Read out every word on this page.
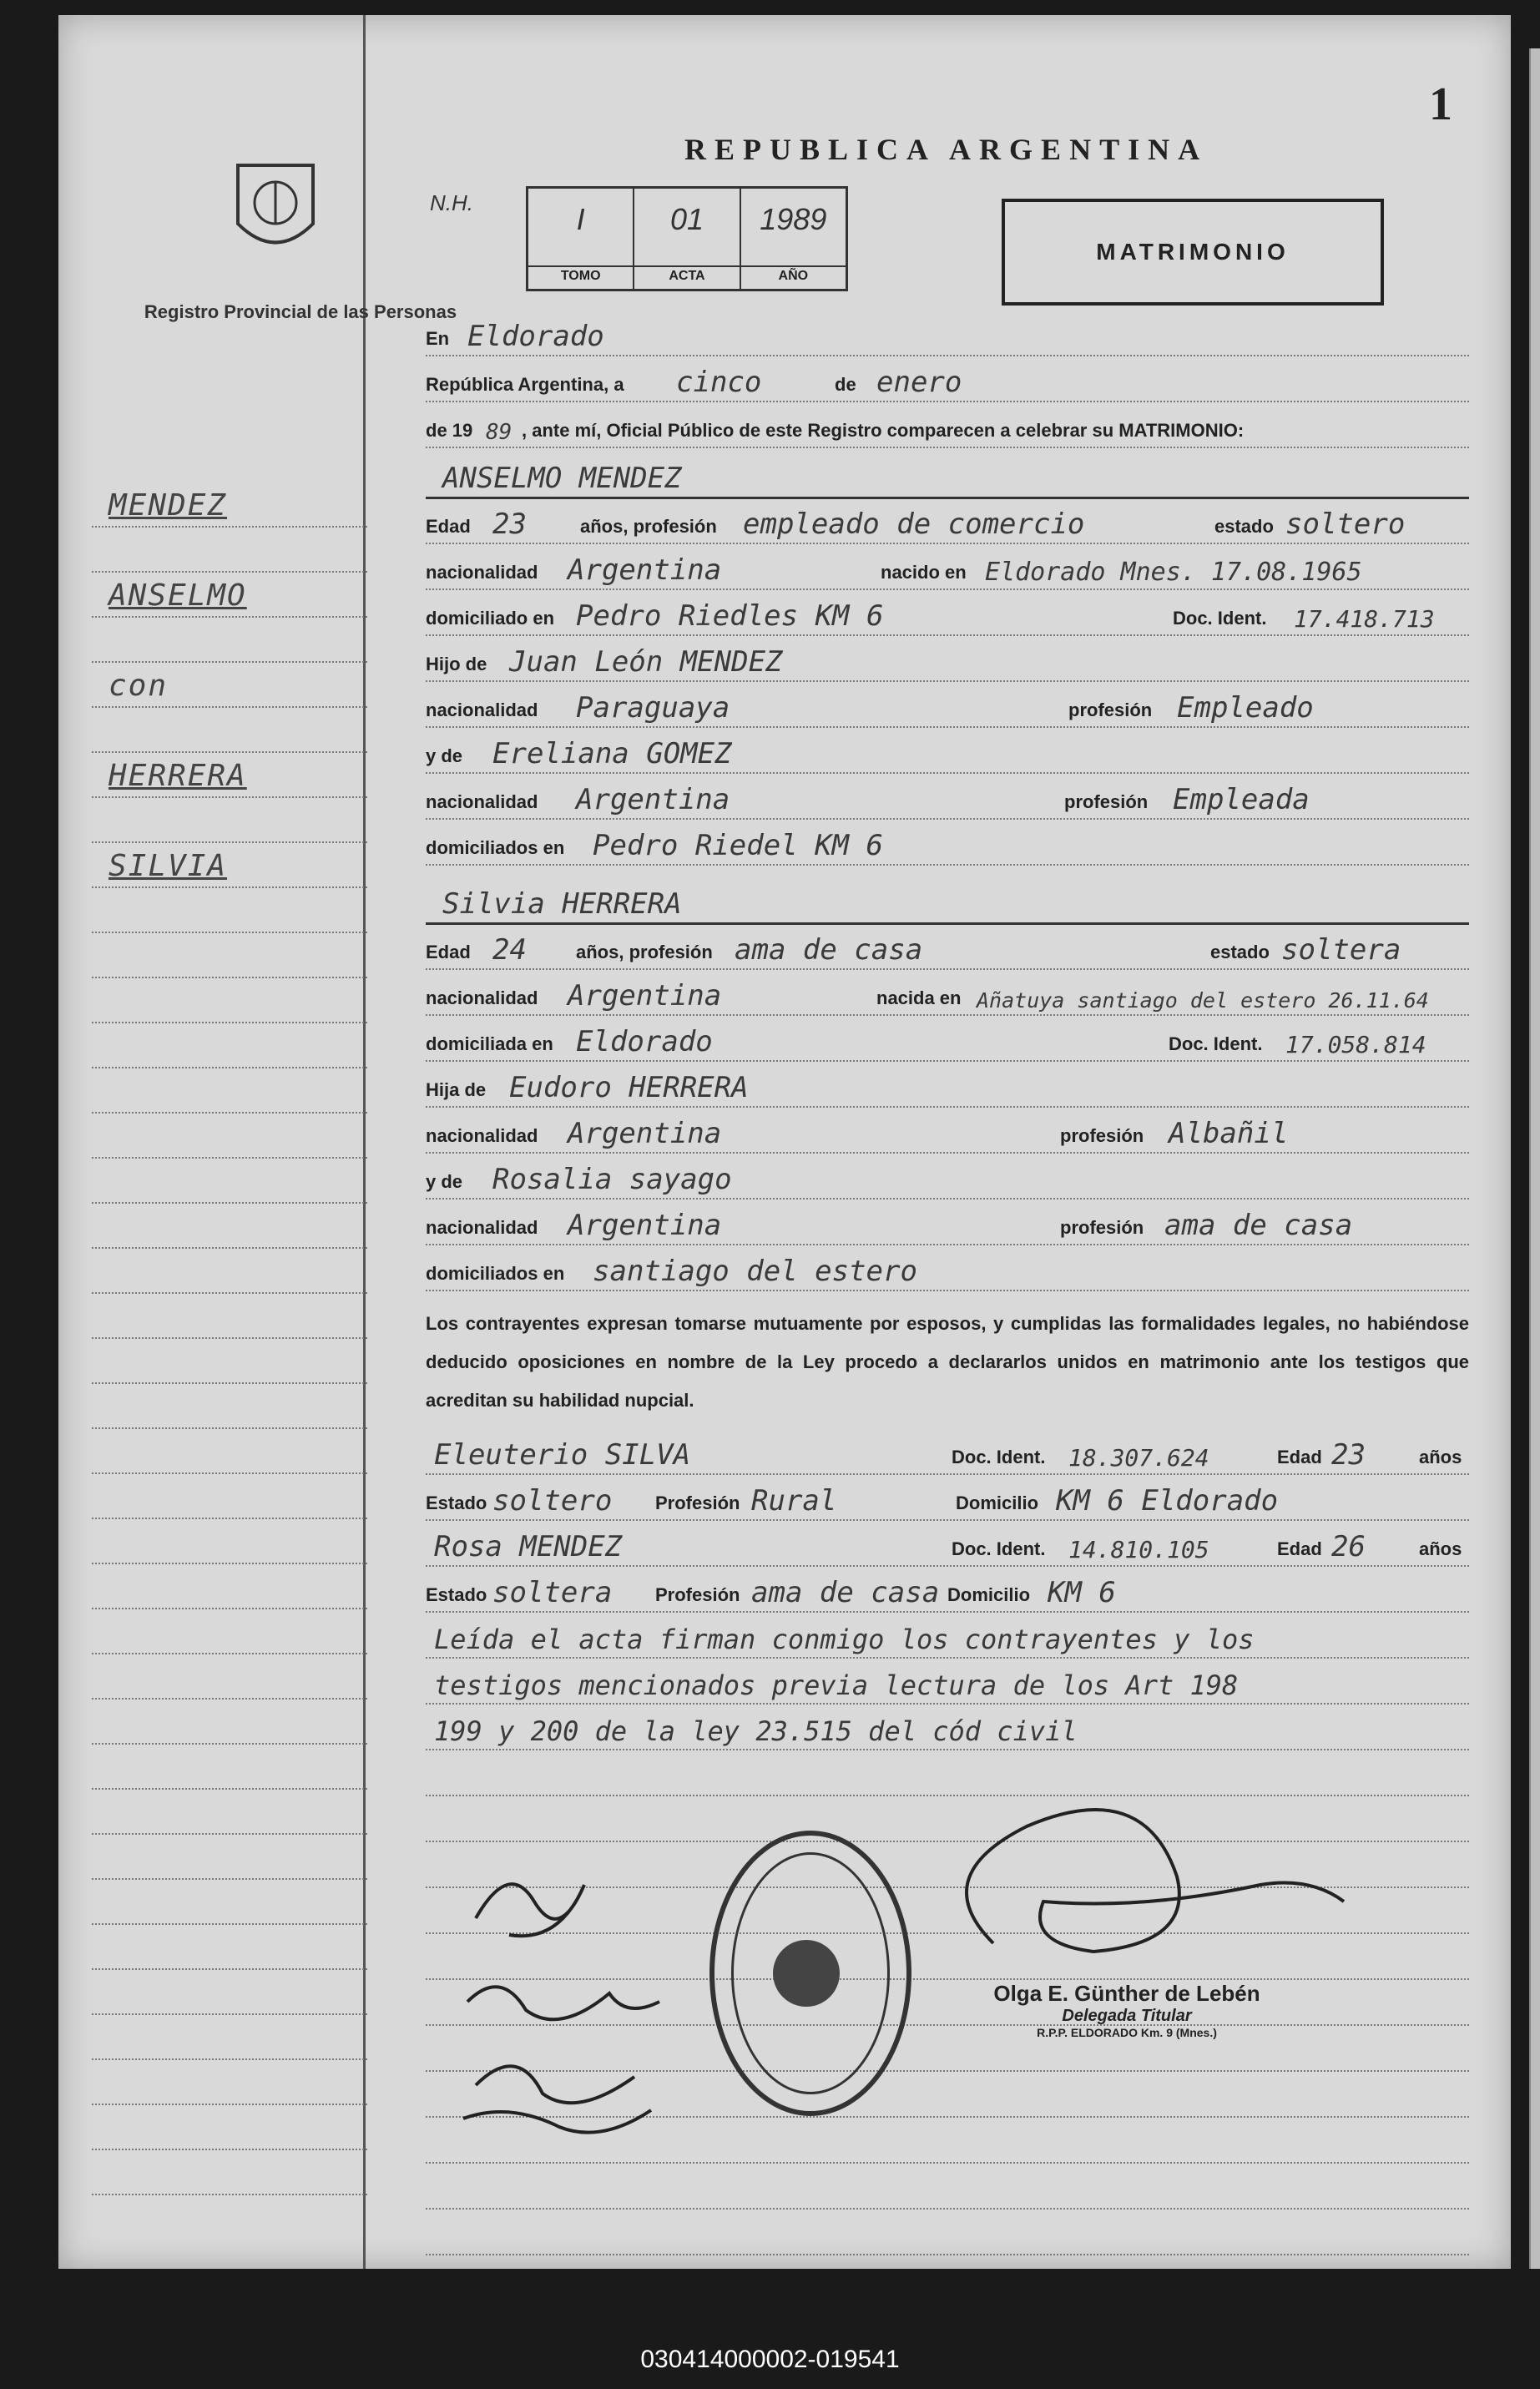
Registro Provincial de las Personas
MENDEZ
ANSELMO
con
HERRERA
SILVIA
1
REPUBLICA ARGENTINA
N.H.	I
TOMO
01
ACTA
1989
AÑO
MATRIMONIO
En Eldorado
República Argentina, a cinco	de enero
de 19 89 , ante mí, Oficial Público de este Registro comparecen a celebrar su MATRIMONIO:
ANSELMO MENDEZ
Edad 23	años, profesión empleado de comercio	estado soltero
nacionalidad Argentina	nacido en Eldorado Mnes. 17.08.1965
domiciliado en Pedro Riedles KM 6	Doc. Ident. 17.418.713
Hijo de Juan León MENDEZ
nacionalidad Paraguaya	profesión Empleado
y de Ereliana GOMEZ
nacionalidad Argentina	profesión Empleada
domiciliados en Pedro Riedel KM 6
Silvia HERRERA
Edad 24	años, profesión ama de casa	estado soltera
nacionalidad Argentina	nacida en Añatuya santiago del estero 26.11.64
domiciliada en Eldorado	Doc. Ident. 17.058.814
Hija de Eudoro HERRERA
nacionalidad Argentina	profesión Albañil
y de Rosalia sayago
nacionalidad Argentina	profesión ama de casa
domiciliados en santiago del estero
Eleuterio SILVA	Doc. Ident. 18.307.624	Edad 23	años
Estado soltero Profesión Rural	Domicilio KM 6 Eldorado
Rosa MENDEZ	Doc. Ident. 14.810.105	Edad 26	años
Estado soltera Profesión ama de casa Domicilio KM 6
Leída el acta firman conmigo los contrayentes y los
testigos mencionados previa lectura de los Art 198
199 y 200 de la ley 23.515 del cód civil
Los contrayentes expresan tomarse mutuamente por esposos, y cumplidas las formalidades legales, no habiéndose deducido oposiciones en nombre de la Ley procedo a declararlos unidos en matrimonio ante los testigos que acreditan su habilidad nupcial.
Olga E. Günther de Lebén
Delegada Titular
R.P.P. ELDORADO Km. 9 (Mnes.)
030414000002-019541
